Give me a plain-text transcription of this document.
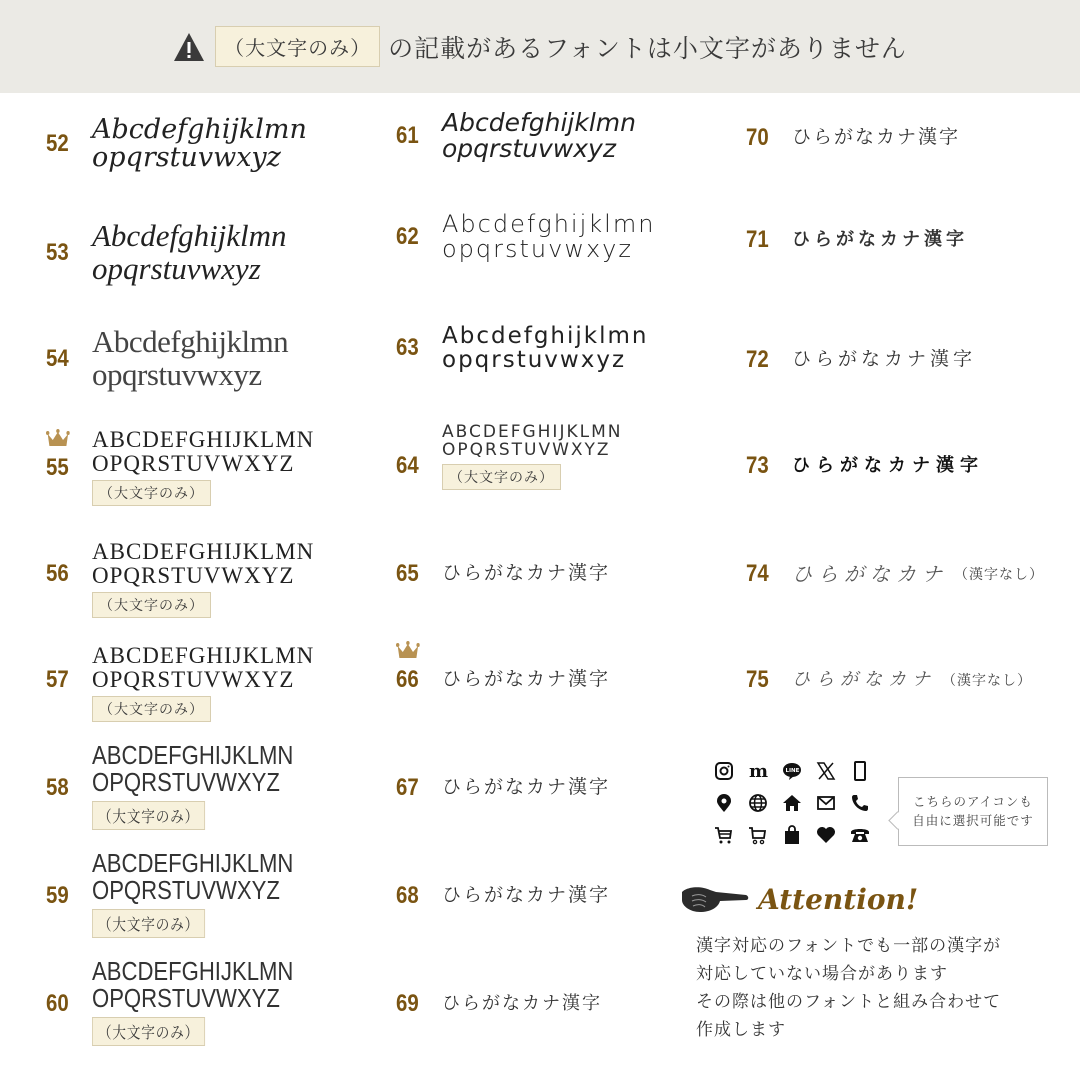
（大文字のみ） の記載があるフォントは小文字がありません
52 Abcdefghijklmn
opqrstuvwxyz
53 Abcdefghijklmn
opqrstuvwxyz
54 Abcdefghijklmn
opqrstuvwxyz
55
ABCDEFGHIJKLMN
OPQRSTUVWXYZ
（大文字のみ）
56
ABCDEFGHIJKLMN
OPQRSTUVWXYZ
（大文字のみ）
57
ABCDEFGHIJKLMN
OPQRSTUVWXYZ
（大文字のみ）
58
ABCDEFGHIJKLMN
OPQRSTUVWXYZ
（大文字のみ）
59
ABCDEFGHIJKLMN
OPQRSTUVWXYZ
（大文字のみ）
60
ABCDEFGHIJKLMN
OPQRSTUVWXYZ
（大文字のみ）
61 Abcdefghijklmn
opqrstuvwxyz
62 Abcdefghijklmn
opqrstuvwxyz
63	Abcdefghijklmn
opqrstuvwxyz
64
ABCDEFGHIJKLMN
OPQRSTUVWXYZ
（大文字のみ）
65	ひらがなカナ漢字
66	ひらがなカナ漢字
67	ひらがなカナ漢字
68	ひらがなカナ漢字
69	ひらがなカナ漢字
70	ひらがなカナ漢字
71	ひらがなカナ漢字
72	ひらがなカナ漢字
73	ひらがなカナ漢字
74	ひらがなカナ （漢字なし）
75	ひらがなカナ （漢字なし）
m	LINE
こちらのアイコンも
自由に選択可能です
Attention!
漢字対応のフォントでも一部の漢字が
対応していない場合があります
その際は他のフォントと組み合わせて
作成します
